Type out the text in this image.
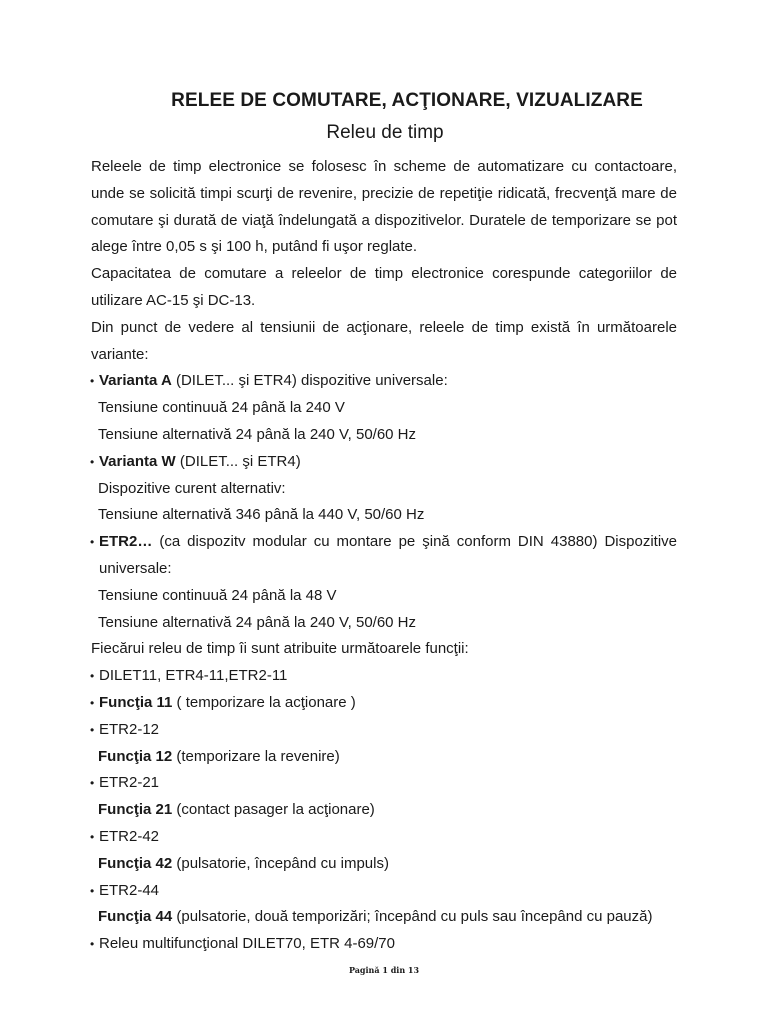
RELEE DE COMUTARE, ACŢIONARE, VIZUALIZARE
Releu de timp

Releele de timp electronice se folosesc în scheme de automatizare cu contactoare, unde se solicită timpi scurţi de revenire, precizie de repetiţie ridicată, frecvenţă mare de comutare şi durată de viaţă îndelungată a dispozitivelor. Duratele de temporizare se pot alege între 0,05 s şi 100 h, putând fi uşor reglate.

Capacitatea de comutare a releelor de timp electronice corespunde categoriilor de utilizare AC-15 şi DC-13.

Din punct de vedere al tensiunii de acţionare, releele de timp există în următoarele variante:

• Varianta A (DILET... şi ETR4) dispozitive universale:
Tensiune continuuă 24 până la 240 V
Tensiune alternativă 24 până la 240 V, 50/60 Hz
• Varianta W (DILET... şi ETR4)
Dispozitive curent alternativ:
Tensiune alternativă 346 până la 440 V, 50/60 Hz
• ETR2… (ca dispozitv modular cu montare pe şină conform DIN 43880) Dispozitive universale:
Tensiune continuuă 24 până la 48 V
Tensiune alternativă 24 până la 240 V, 50/60 Hz
Fiecărui releu de timp îi sunt atribuite următoarele funcţii:
• DILET11, ETR4-11,ETR2-11
• Funcţia 11 ( temporizare la acţionare )
• ETR2-12
Funcţia 12 (temporizare la revenire)
• ETR2-21
Funcţia 21 (contact pasager la acţionare)
• ETR2-42
Funcţia 42 (pulsatorie, începând cu impuls)
• ETR2-44
Funcţia 44 (pulsatorie, două temporizări; începând cu puls sau începând cu pauză)
• Releu multifuncţional DILET70, ETR 4-69/70
Pagină 1 din 13
